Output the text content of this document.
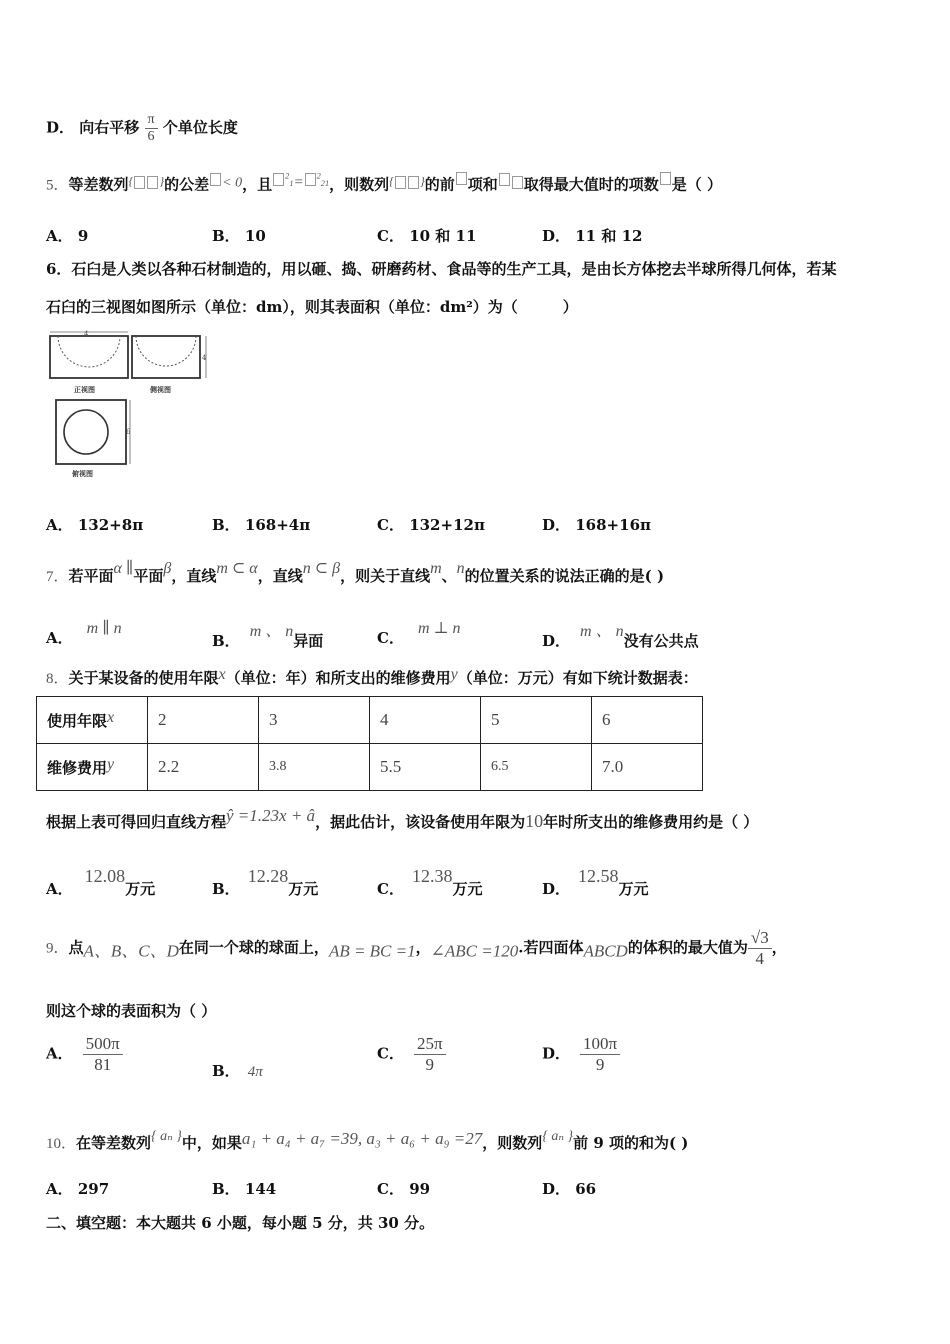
D． 向右平移 $\frac{\pi}{6}$ 个单位长度
5．等差数列{ }的公差 < 0，且 $^{^2_1}$= $^{^2_{21}}$，则数列{ }的前 项和 取得最大值时的项数 是（ ）
A． 9	B． 10	C． 10 和 11	D． 11 和 12
6．石臼是人类以各种石材制造的，用以砸、捣、研磨药材、食品等的生产工具，是由长方体挖去半球所得几何体，若某
石臼的三视图如图所示（单位：dm），则其表面积（单位：dm²）为（　　　）
4
正视图
4
侧视图
6
俯视图
A． 132+8π	B． 168+4π	C． 132+12π	D． 168+16π
7．若平面α ∥平面β，直线m ⊂ α，直线n ⊂ β，则关于直线m、n的位置关系的说法正确的是( )
A．m ∥ n
B．m 、 n异面	C．m ⊥ n
D．m 、 n没有公共点
8．关于某设备的使用年限x（单位：年）和所支出的维修费用y（单位：万元）有如下统计数据表：
使用年限x	2	3	4	5	6
维修费用y	2.2	3.8	5.5	6.5	7.0
根据上表可得回归直线方程ŷ =1.23x + â，据此估计，该设备使用年限为10年时所支出的维修费用约是（ ）
A．12.08万元	B．12.28万元	C．12.38万元	D．12.58万元
9．点A、B、C、D在同一个球的球面上，AB = BC =1，∠ABC =120.若四面体ABCD的体积的最大值为 $\frac{√3}{4}$ ，
则这个球的表面积为（ ）
A． $\frac{500\pi}{81}$	B． 4π
C． $\frac{25\pi}{9}$	D． $\frac{100\pi}{9}$
10．在等差数列{ aₙ }中，如果a₁ + a₄ + a₇ =39, a₃ + a₆ + a₉ =27，则数列{ aₙ }前 9 项的和为( )
A． 297	B． 144	C． 99	D． 66
二、填空题：本大题共 6 小题，每小题 5 分，共 30 分。
